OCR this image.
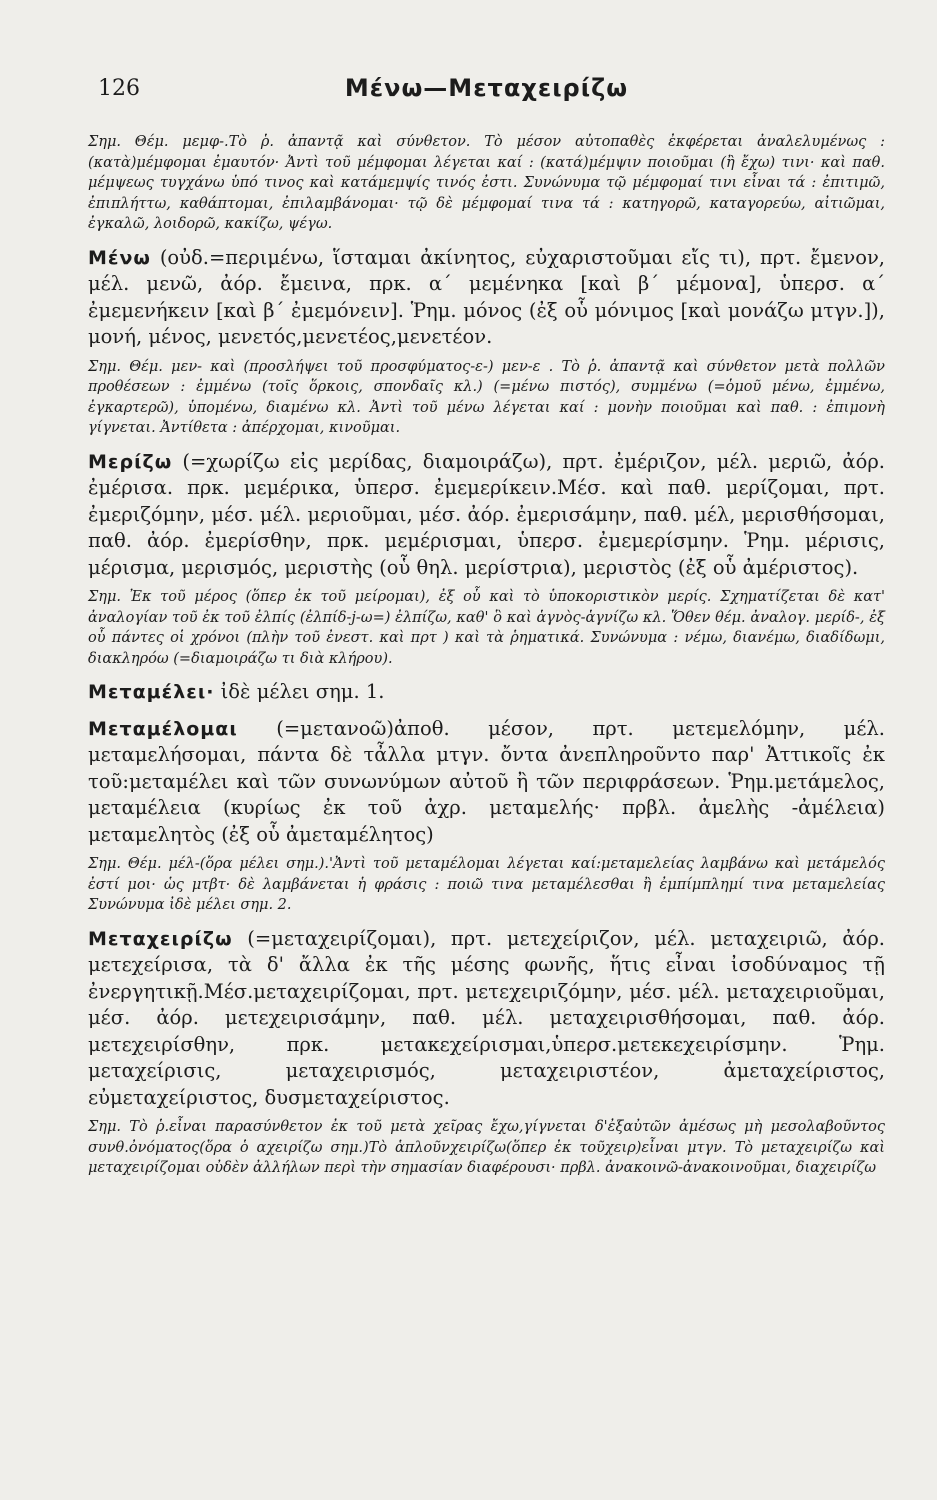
126	Μένω—Μεταχειρίζω

Σημ. Θέμ. μεμφ-.Τὸ ῥ. ἀπαντᾷ καὶ σύνθετον. Τὸ μέσον αὐτοπαθὲς ἐκφέρεται ἀναλελυμένως : (κατὰ)μέμφομαι ἐμαυτόν· Ἀντὶ τοῦ μέμφομαι λέγεται καί : (κατά)μέμψιν ποιοῦμαι (ἢ ἔχω) τινι· καὶ παθ. μέμψεως τυγχάνω ὑπό τινος καὶ κατάμεμψίς τινός ἐστι. Συνώνυμα τῷ μέμφομαί τινι εἶναι τά : ἐπιτιμῶ, ἐπιπλήττω, καθάπτομαι, ἐπιλαμβάνομαι· τῷ δὲ μέμφομαί τινα τά : κατηγορῶ, καταγορεύω, αἰτιῶμαι, ἐγκαλῶ, λοιδορῶ, κακίζω, ψέγω.

Μένω (οὐδ.=περιμένω, ἵσταμαι ἀκίνητος, εὐχαριστοῦμαι εἴς τι), πρτ. ἔμενον, μέλ. μενῶ, ἀόρ. ἔμεινα, πρκ. α΄ μεμένηκα [καὶ β΄ μέμονα], ὑπερσ. α΄ ἐμεμενήκειν [καὶ β΄ ἐμεμόνειν]. Ῥημ. μόνος (ἐξ οὗ μόνιμος [καὶ μονάζω μτγν.]), μονή, μένος, μενετός,μενετέος,μενετέον.

Σημ. Θέμ. μεν- καὶ (προσλήψει τοῦ προσφύματος-ε-) μεν-ε . Τὸ ῥ. ἀπαντᾷ καὶ σύνθετον μετὰ πολλῶν προθέσεων : ἐμμένω (τοῖς ὅρκοις, σπονδαῖς κλ.) (=μένω πιστός), συμμένω (=ὁμοῦ μένω, ἐμμένω, ἐγκαρτερῶ), ὑπομένω, διαμένω κλ. Ἀντὶ τοῦ μένω λέγεται καί : μονὴν ποιοῦμαι καὶ παθ. : ἐπιμονὴ γίγνεται. Ἀντίθετα : ἀπέρχομαι, κινοῦμαι.

Μερίζω (=χωρίζω εἰς μερίδας, διαμοιράζω), πρτ. ἐμέριζον, μέλ. μεριῶ, ἀόρ. ἐμέρισα. πρκ. μεμέρικα, ὑπερσ. ἐμεμερίκειν.Μέσ. καὶ παθ. μερίζομαι, πρτ. ἐμεριζόμην, μέσ. μέλ. μεριοῦμαι, μέσ. ἀόρ. ἐμερισάμην, παθ. μέλ, μερισθήσομαι, παθ. ἀόρ. ἐμερίσθην, πρκ. μεμέρισμαι, ὑπερσ. ἐμεμερίσμην. Ῥημ. μέρισις, μέρισμα, μερισμός, μεριστὴς (οὗ θηλ. μερίστρια), μεριστὸς (ἐξ οὗ ἀμέριστος).

Σημ. Ἐκ τοῦ μέρος (ὅπερ ἐκ τοῦ μείρομαι), ἐξ οὗ καὶ τὸ ὑποκοριστικὸν μερίς. Σχηματίζεται δὲ κατ' ἀναλογίαν τοῦ ἐκ τοῦ ἐλπίς (ἐλπίδ-j-ω=) ἐλπίζω, καθ' ὃ καὶ ἁγνὸς-ἁγνίζω κλ. Ὅθεν θέμ. ἀναλογ. μερίδ-, ἐξ οὗ πάντες οἱ χρόνοι (πλὴν τοῦ ἐνεστ. καὶ πρτ ) καὶ τὰ ῥηματικά. Συνώνυμα : νέμω, διανέμω, διαδίδωμι, διακληρόω (=διαμοιράζω τι διὰ κλήρου).

Μεταμέλει· ἰδὲ μέλει σημ. 1.

Μεταμέλομαι (=μετανοῶ)ἀποθ. μέσον, πρτ. μετεμελόμην, μέλ. μεταμελήσομαι, πάντα δὲ τἆλλα μτγν. ὄντα ἀνεπληροῦντο παρ' Ἀττικοῖς ἐκ τοῦ:μεταμέλει καὶ τῶν συνωνύμων αὐτοῦ ἢ τῶν περιφράσεων. Ῥημ.μετάμελος, μεταμέλεια (κυρίως ἐκ τοῦ ἀχρ. μεταμελής· πρβλ. ἀμελὴς -ἀμέλεια) μεταμελητὸς (ἐξ οὗ ἀμεταμέλητος)

Σημ. Θέμ. μέλ-(ὅρα μέλει σημ.).'Ἀντὶ τοῦ μεταμέλομαι λέγεται καί:μεταμελείας λαμβάνω καὶ μετάμελός ἐστί μοι· ὡς μτβτ· δὲ λαμβάνεται ἡ φράσις : ποιῶ τινα μεταμέλεσθαι ἢ ἐμπίμπλημί τινα μεταμελείας Συνώνυμα ἰδὲ μέλει σημ. 2.

Μεταχειρίζω (=μεταχειρίζομαι), πρτ. μετεχείριζον, μέλ. μεταχειριῶ, ἀόρ. μετεχείρισα, τὰ δ' ἄλλα ἐκ τῆς μέσης φωνῆς, ἥτις εἶναι ἰσοδύναμος τῇ ἐνεργητικῇ.Μέσ.μεταχειρίζομαι, πρτ. μετεχειριζόμην, μέσ. μέλ. μεταχειριοῦμαι, μέσ. ἀόρ. μετεχειρισάμην, παθ. μέλ. μεταχειρισθήσομαι, παθ. ἀόρ. μετεχειρίσθην, πρκ. μετακεχείρισμαι,ὑπερσ.μετεκεχειρίσμην. Ῥημ. μεταχείρισις, μεταχειρισμός, μεταχειριστέον, ἀμεταχείριστος, εὐμεταχείριστος, δυσμεταχείριστος.

Σημ. Τὸ ῥ.εἶναι παρασύνθετον ἐκ τοῦ μετὰ χεῖρας ἔχω,γίγνεται δ'ἐξαὐτῶν ἀμέσως μὴ μεσολαβοῦντος συνθ.ὀνόματος(ὅρα ὁ αχειρίζω σημ.)Τὸ ἁπλοῦνχειρίζω(ὅπερ ἐκ τοῦχειρ)εἶναι μτγν. Τὸ μεταχειρίζω καὶ μεταχειρίζομαι οὐδὲν ἀλλήλων περὶ τὴν σημασίαν διαφέρουσι· πρβλ. ἀνακοινῶ-ἀνακοινοῦμαι, διαχειρίζω
